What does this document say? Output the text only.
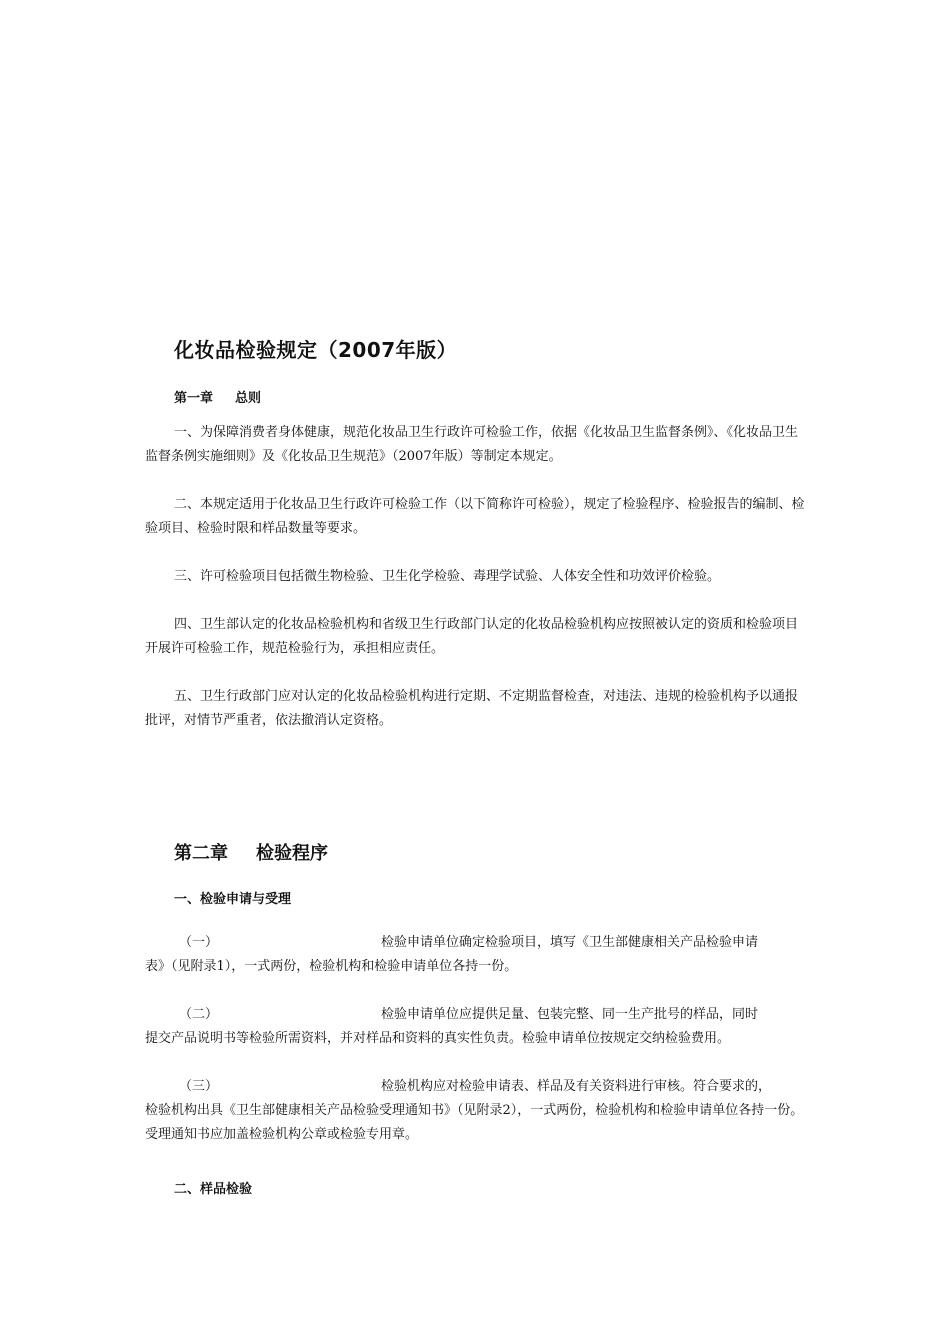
化妆品检验规定（2007年版）
第一章 总则

一、为保障消费者身体健康，规范化妆品卫生行政许可检验工作，依据《化妆品卫生监督条例》、《化妆品卫生监督条例实施细则》及《化妆品卫生规范》（2007年版）等制定本规定。

二、本规定适用于化妆品卫生行政许可检验工作（以下简称许可检验），规定了检验程序、检验报告的编制、检验项目、检验时限和样品数量等要求。

三、许可检验项目包括微生物检验、卫生化学检验、毒理学试验、人体安全性和功效评价检验。

四、卫生部认定的化妆品检验机构和省级卫生行政部门认定的化妆品检验机构应按照被认定的资质和检验项目开展许可检验工作，规范检验行为，承担相应责任。

五、卫生行政部门应对认定的化妆品检验机构进行定期、不定期监督检查，对违法、违规的检验机构予以通报批评，对情节严重者，依法撤消认定资格。

第二章 检验程序
一、检验申请与受理
（一）	检验申请单位确定检验项目，填写《卫生部健康相关产品检验申请
表》（见附录1），一式两份，检验机构和检验申请单位各持一份。
（二）	检验申请单位应提供足量、包装完整、同一生产批号的样品，同时
提交产品说明书等检验所需资料，并对样品和资料的真实性负责。检验申请单位按规定交纳检验费用。
（三）	检验机构应对检验申请表、样品及有关资料进行审核。符合要求的，
检验机构出具《卫生部健康相关产品检验受理通知书》（见附录2），一式两份，检验机构和检验申请单位各持一份。受理通知书应加盖检验机构公章或检验专用章。
二、样品检验
